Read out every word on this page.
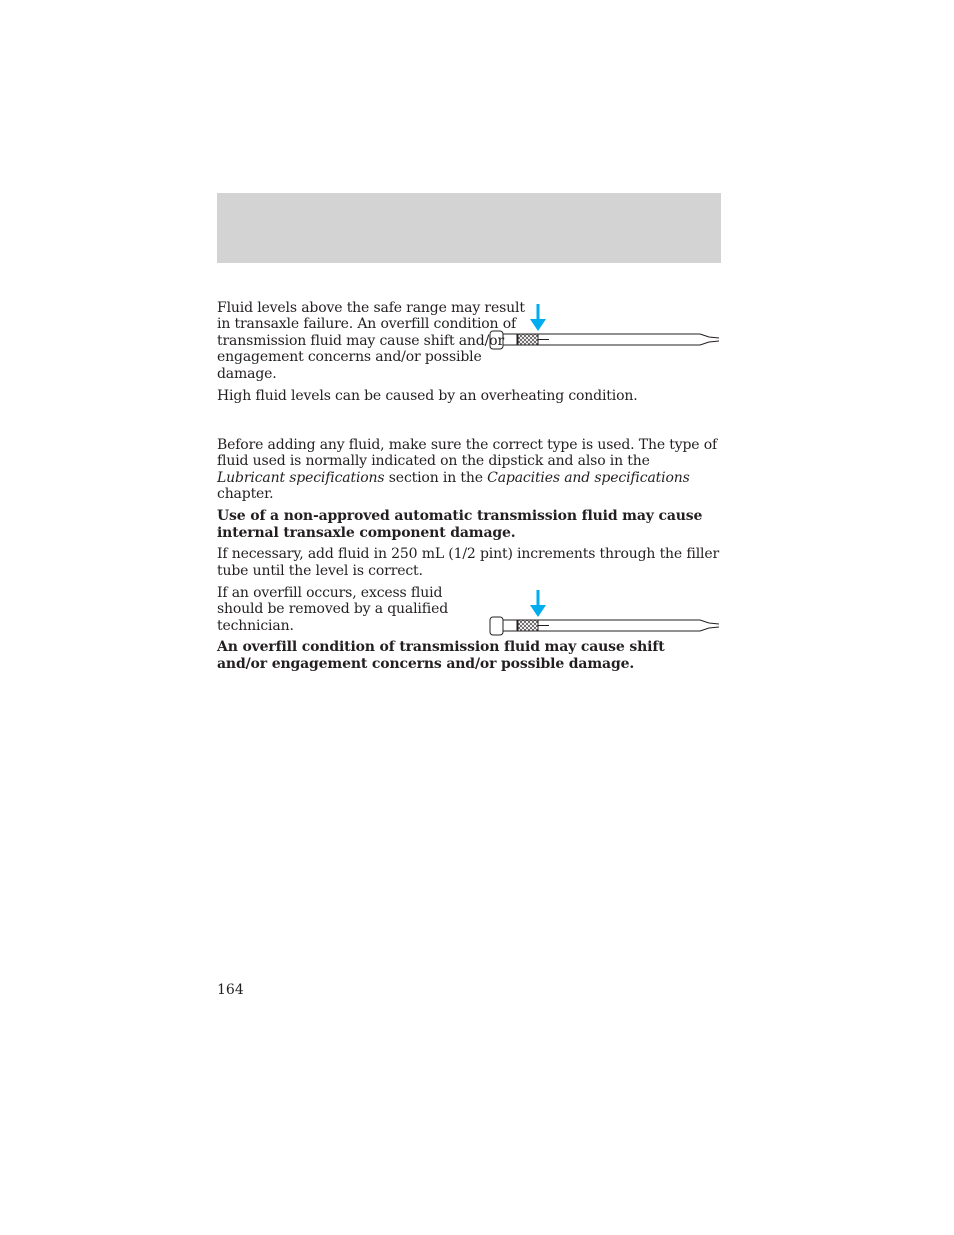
Fluid levels above the safe range may result in transaxle failure. An overfill condition of transmission fluid may cause shift and/or engagement concerns and/or possible damage.

High fluid levels can be caused by an overheating condition.

Before adding any fluid, make sure the correct type is used. The type of fluid used is normally indicated on the dipstick and also in the Lubricant specifications section in the Capacities and specifications chapter.

Use of a non-approved automatic transmission fluid may cause internal transaxle component damage.

If necessary, add fluid in 250 mL (1/2 pint) increments through the filler tube until the level is correct.

If an overfill occurs, excess fluid should be removed by a qualified technician.

An overfill condition of transmission fluid may cause shift and/or engagement concerns and/or possible damage.

164
